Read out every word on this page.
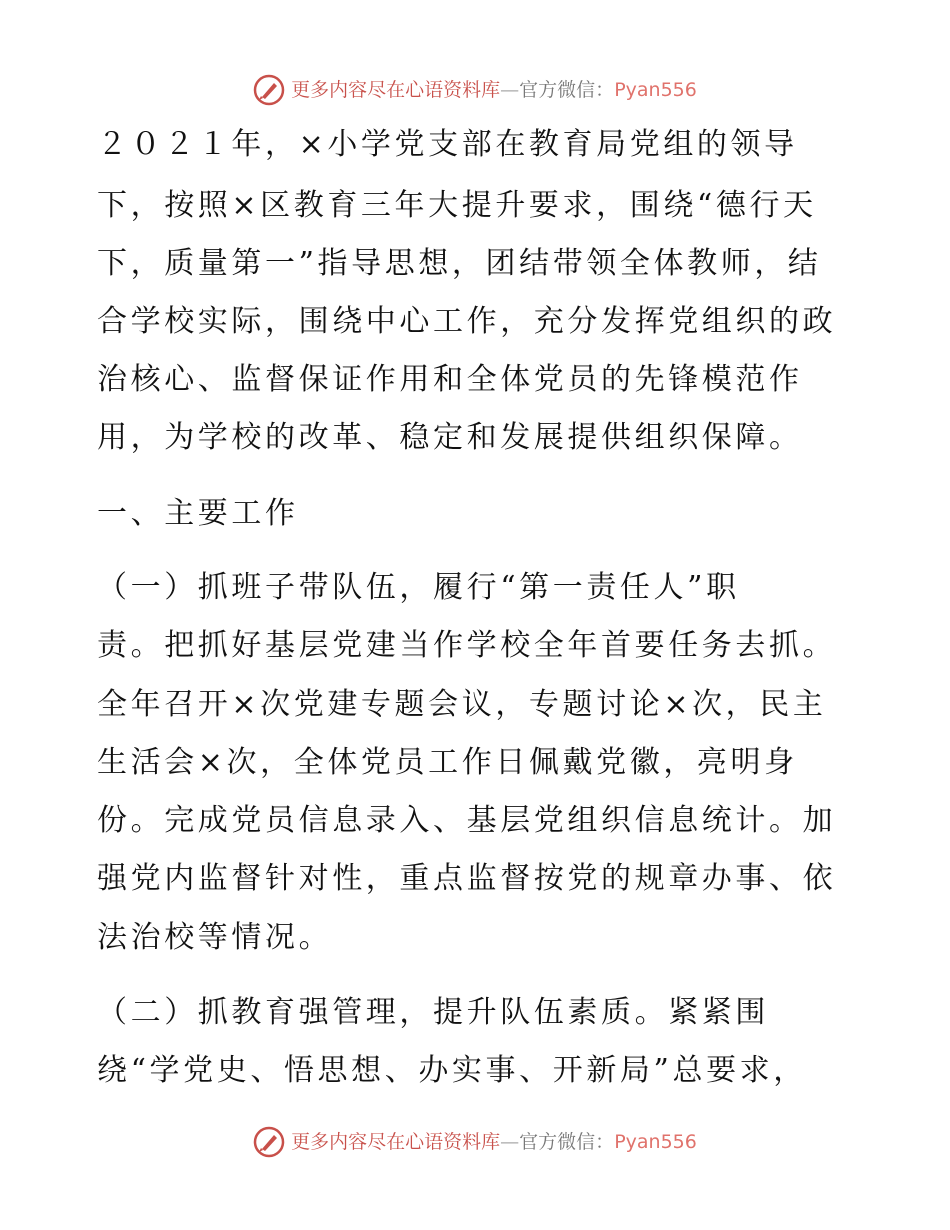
更多内容尽在心语资料库 — 官方微信： Pyan556
２０２１年，×小学党支部在教育局党组的领导
下，按照×区教育三年大提升要求，围绕“德行天
下，质量第一”指导思想，团结带领全体教师，结
合学校实际，围绕中心工作，充分发挥党组织的政
治核心、监督保证作用和全体党员的先锋模范作
用，为学校的改革、稳定和发展提供组织保障。
一、主要工作
（一）抓班子带队伍，履行“第一责任人”职
责。把抓好基层党建当作学校全年首要任务去抓。
全年召开×次党建专题会议，专题讨论×次，民主
生活会×次，全体党员工作日佩戴党徽，亮明身
份。完成党员信息录入、基层党组织信息统计。加
强党内监督针对性，重点监督按党的规章办事、依
法治校等情况。
（二）抓教育强管理，提升队伍素质。紧紧围
绕“学党史、悟思想、办实事、开新局”总要求，
更多内容尽在心语资料库 — 官方微信： Pyan556
